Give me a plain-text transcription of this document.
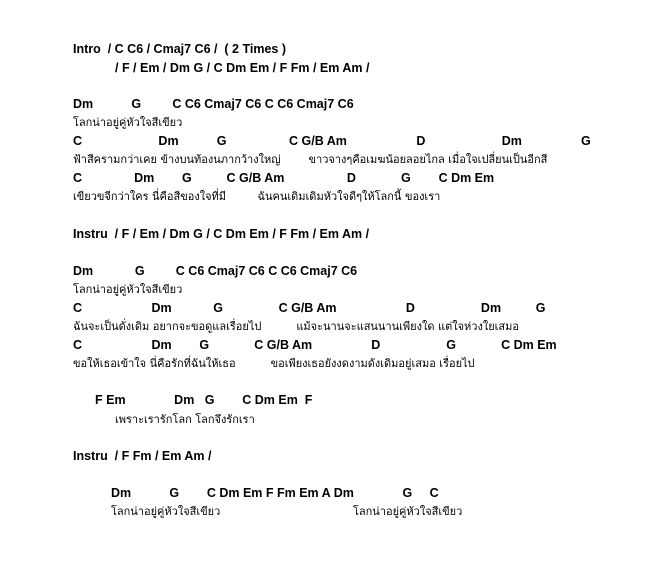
Intro  / C C6 / Cmaj7 C6 /  ( 2 Times )
/ F / Em / Dm G / C Dm Em / F Fm / Em Am /
Dm           G         C C6 Cmaj7 C6 C C6 Cmaj7 C6
โลกน่าอยู่คู่หัวใจสีเขียว
C                      Dm           G                  C G/B Am                    D                      Dm                 G
ฟ้าสีครามกว่าเคย ข้างบนท้องนภากว้างใหญ่        ขาวจางๆคือเมฆน้อยลอยไกล เมื่อใจเปลี่ยนเป็นอีกสี
C               Dm        G          C G/B Am                  D             G        C Dm Em
เขียวขจีกว่าใคร นี่คือสีของใจที่มี         ฉันคนเดิมเดิมหัวใจดีๆให้โลกนี้ ของเรา
Instru  / F / Em / Dm G / C Dm Em / F Fm / Em Am /
Dm            G         C C6 Cmaj7 C6 C C6 Cmaj7 C6
โลกน่าอยู่คู่หัวใจสีเขียว
C                    Dm            G                C G/B Am                    D                   Dm          G
ฉันจะเป็นดั่งเดิม อยากจะขอดูแลเรื่อยไป          แม้จะนานจะแสนนานเพียงใด แต่ใจห่วงใยเสมอ
C                    Dm        G             C G/B Am                 D                   G             C Dm Em
ขอให้เธอเข้าใจ นี่คือรักที่ฉันให้เธอ          ขอเพียงเธอยังงดงามดังเดิมอยู่เสมอ เรื่อยไป
F Em              Dm   G        C Dm Em  F
เพราะเรารักโลก โลกจึงรักเรา
Instru  / F Fm / Em Am /
Dm           G        C Dm Em F Fm Em A Dm              G     C
โลกน่าอยู่คู่หัวใจสีเขียว	โลกน่าอยู่คู่หัวใจสีเขียว
